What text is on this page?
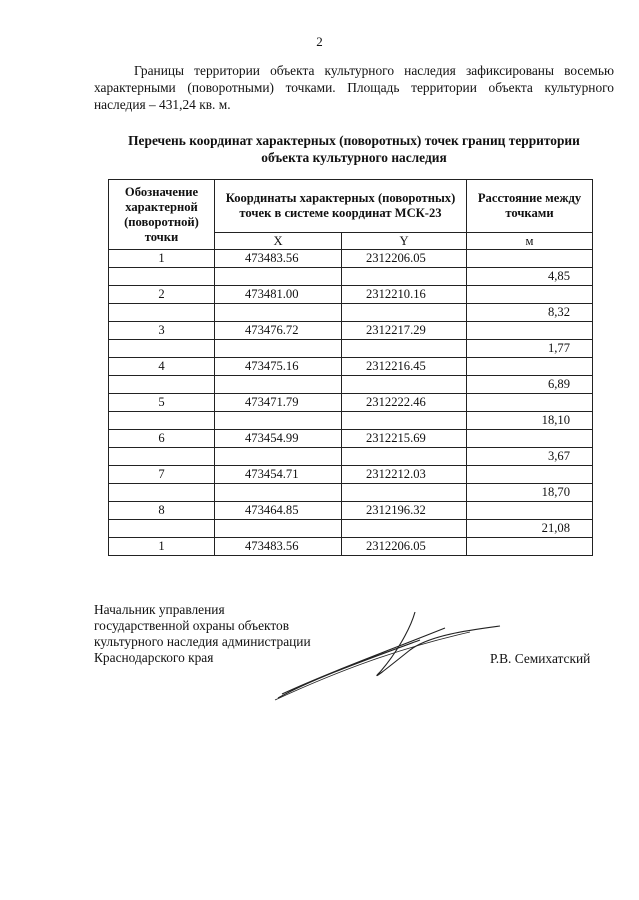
2
Границы территории объекта культурного наследия зафиксированы восемью характерными (поворотными) точками. Площадь территории объекта культурного наследия – 431,24 кв. м.
Перечень координат характерных (поворотных) точек границ территории
объекта культурного наследия
Обозначение характерной (поворотной) точки	Координаты характерных (поворотных) точек в системе координат МСК-23		Расстояние между точками
	X	Y	м
1	473483.56	2312206.05	
			4,85
2	473481.00	2312210.16	
			8,32
3	473476.72	2312217.29	
			1,77
4	473475.16	2312216.45	
			6,89
5	473471.79	2312222.46	
			18,10
6	473454.99	2312215.69	
			3,67
7	473454.71	2312212.03	
			18,70
8	473464.85	2312196.32	
			21,08
1	473483.56	2312206.05	
Начальник управления
государственной охраны объектов
культурного наследия администрации
Краснодарского края	Р.В. Семихатский
